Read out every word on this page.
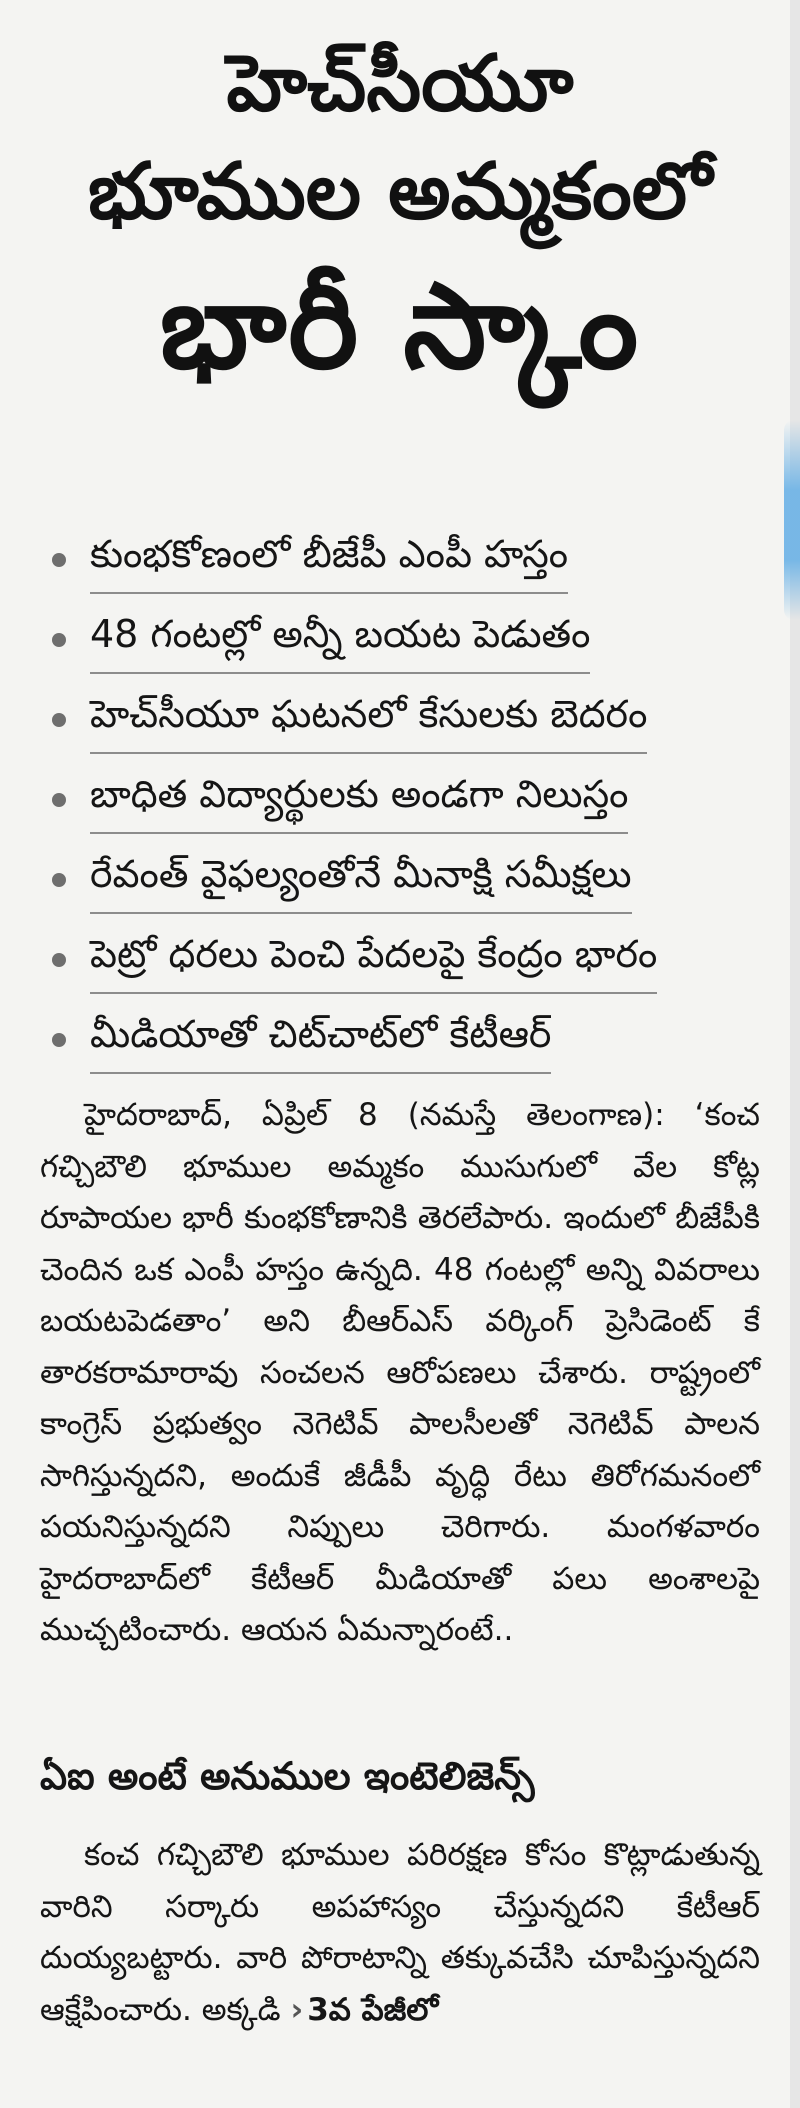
హెచ్‌సీయూ
భూముల అమ్మకంలో
భారీ స్కాం
కుంభకోణంలో బీజేపీ ఎంపీ హస్తం
48 గంటల్లో అన్నీ బయట పెడుతం
హెచ్‌సీయూ ఘటనలో కేసులకు బెదరం
బాధిత విద్యార్థులకు అండగా నిలుస్తం
రేవంత్ వైఫల్యంతోనే మీనాక్షి సమీక్షలు
పెట్రో ధరలు పెంచి పేదలపై కేంద్రం భారం
మీడియాతో చిట్‌చాట్‌లో కేటీఆర్

హైదరాబాద్, ఏప్రిల్ 8 (నమస్తే తెలంగాణ): ‘కంచ గచ్చిబౌలి భూముల అమ్మకం ముసుగులో వేల కోట్ల రూపాయల భారీ కుంభకోణానికి తెరలేపారు. ఇందులో బీజేపీకి చెందిన ఒక ఎంపీ హస్తం ఉన్నది. 48 గంటల్లో అన్ని వివరాలు బయటపెడతాం’ అని బీఆర్‌ఎస్ వర్కింగ్ ప్రెసిడెంట్ కే తారకరామారావు సంచలన ఆరోపణలు చేశారు. రాష్ట్రంలో కాంగ్రెస్ ప్రభుత్వం నెగెటివ్ పాలసీలతో నెగెటివ్ పాలన సాగిస్తున్నదని, అందుకే జీడీపీ వృద్ధి రేటు తిరోగమనంలో పయనిస్తున్నదని నిప్పులు చెరిగారు. మంగళవారం హైదరాబాద్‌లో కేటీఆర్ మీడియాతో పలు అంశాలపై ముచ్చటించారు. ఆయన ఏమన్నారంటే..

ఏఐ అంటే అనుముల ఇంటెలిజెన్స్

కంచ గచ్చిబౌలి భూముల పరిరక్షణ కోసం కొట్లాడుతున్న వారిని సర్కారు అపహాస్యం చేస్తున్నదని కేటీఆర్ దుయ్యబట్టారు. వారి పోరాటాన్ని తక్కువచేసి చూపిస్తున్నదని ఆక్షేపించారు. అక్కడి › 3వ పేజీలో
